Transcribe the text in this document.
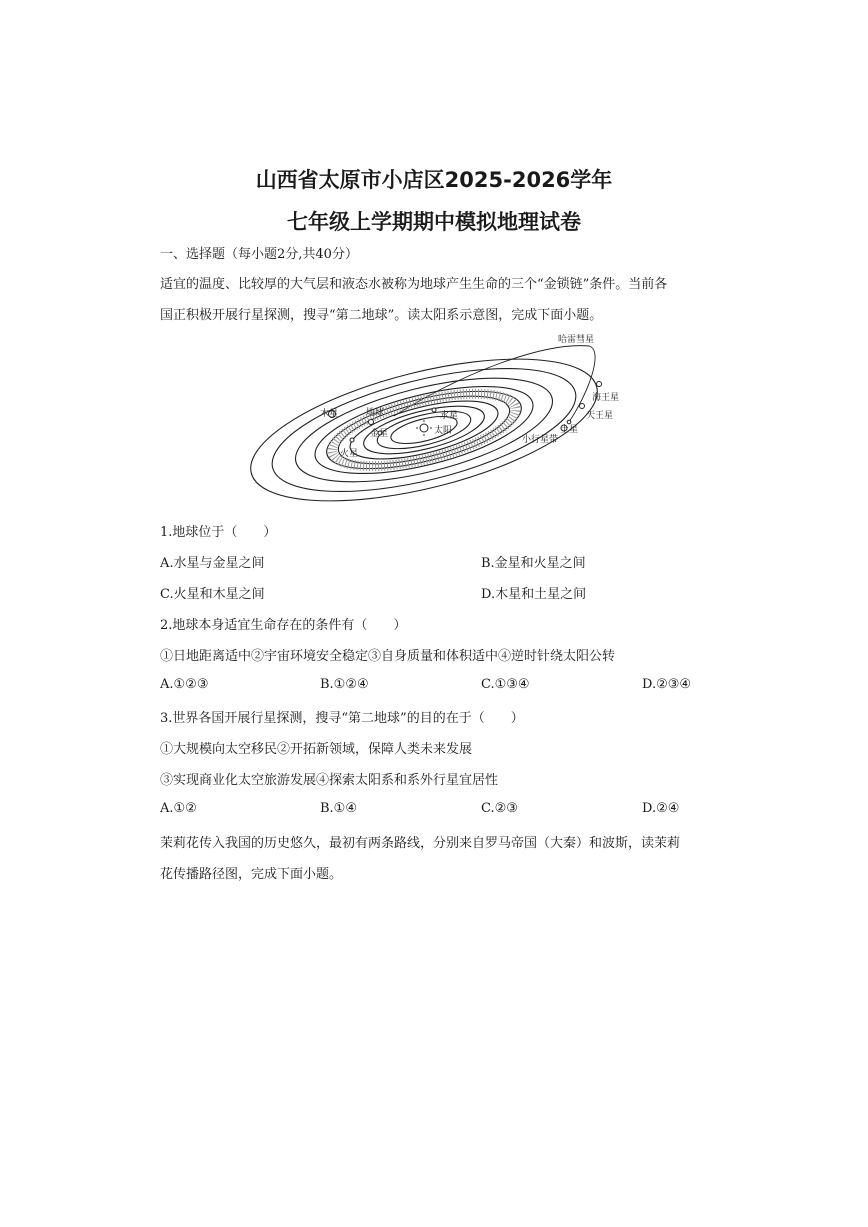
山西省太原市小店区2025-2026学年
七年级上学期期中模拟地理试卷
一、选择题（每小题2分,共40分）
适宜的温度、比较厚的大气层和液态水被称为地球产生生命的三个“金锁链”条件。当前各
国正积极开展行星探测，搜寻“第二地球”。读太阳系示意图，完成下面小题。
太阳
水星
金星
地球
火星
木星
土星
天王星
海王星
哈雷彗星
小行星带
1.地球位于（　　）
A.水星与金星之间	B.金星和火星之间
C.火星和木星之间	D.木星和土星之间
2.地球本身适宜生命存在的条件有（　　）
①日地距离适中②宇宙环境安全稳定③自身质量和体积适中④逆时针绕太阳公转
A.①②③	B.①②④	C.①③④	D.②③④
3.世界各国开展行星探测，搜寻“第二地球”的目的在于（　　）
①大规模向太空移民②开拓新领域，保障人类未来发展
③实现商业化太空旅游发展④探索太阳系和系外行星宜居性
A.①②	B.①④	C.②③	D.②④
茉莉花传入我国的历史悠久，最初有两条路线，分别来自罗马帝国（大秦）和波斯，读茉莉
花传播路径图，完成下面小题。
